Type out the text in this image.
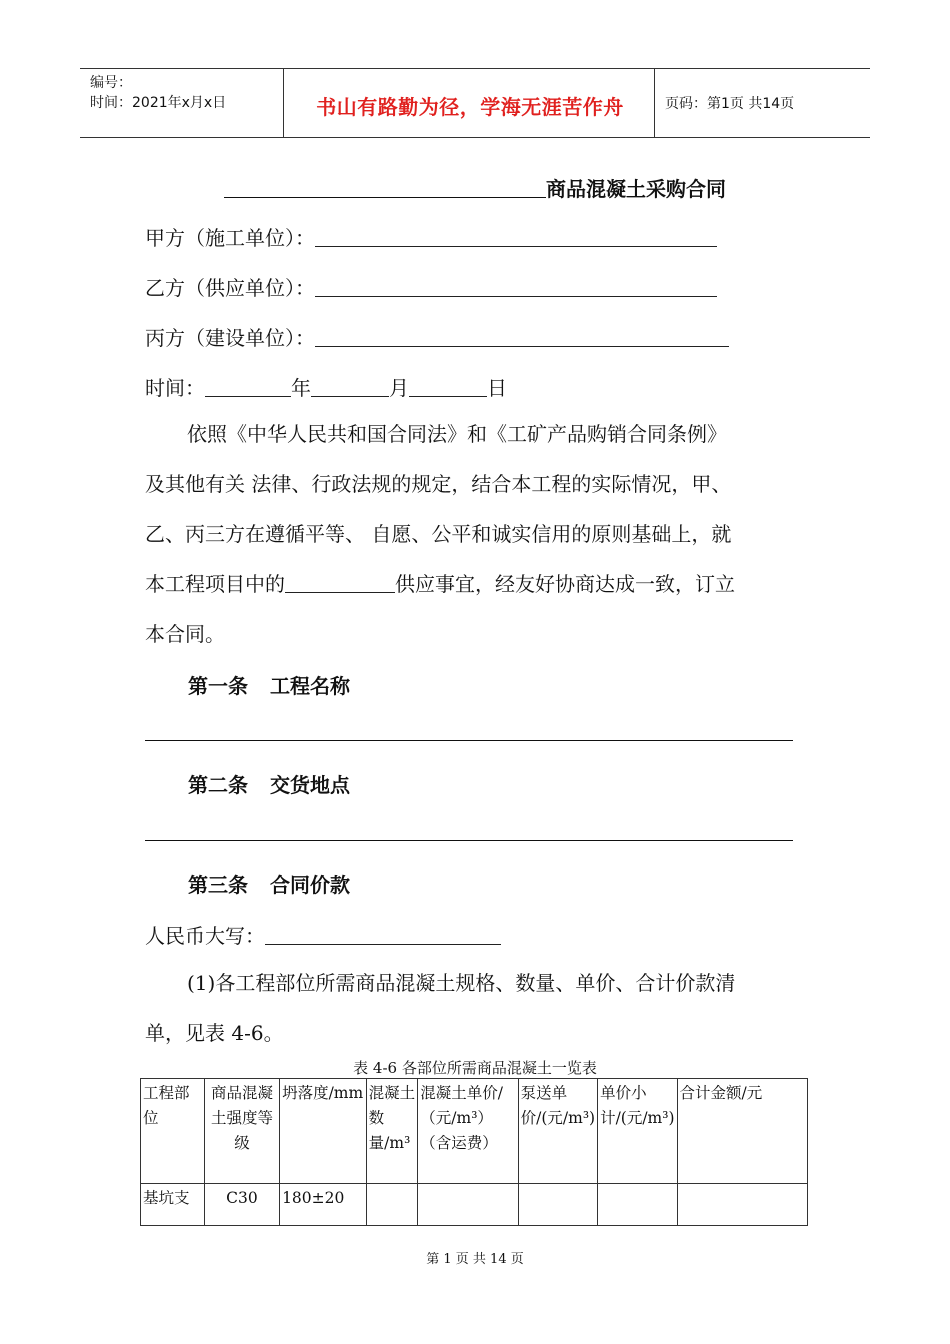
编号：
时间：2021年x月x日	书山有路勤为径，学海无涯苦作舟	页码：第1页 共14页
商品混凝土采购合同
甲方（施工单位）：
乙方（供应单位）：
丙方（建设单位）：
时间：	年	月	日
依照《中华人民共和国合同法》和《工矿产品购销合同条例》
及其他有关 法律、行政法规的规定，结合本工程的实际情况，甲、
乙、丙三方在遵循平等、 自愿、公平和诚实信用的原则基础上，就
本工程项目中的	供应事宜，经友好协商达成一致，订立
本合同。
第一条 工程名称
第二条 交货地点
第三条 合同价款
人民币大写：
(1)各工程部位所需商品混凝土规格、数量、单价、合计价款清
单，见表 4-6。
表 4-6 各部位所需商品混凝土一览表
工程部位	商品混凝土强度等级	坍落度/mm	混凝土数量/m³	混凝土单价/（元/m³）（含运费）	泵送单价/(元/m³)	单价小计/(元/m³)	合计金额/元
基坑支	C30	180±20					
第 1 页 共 14 页
